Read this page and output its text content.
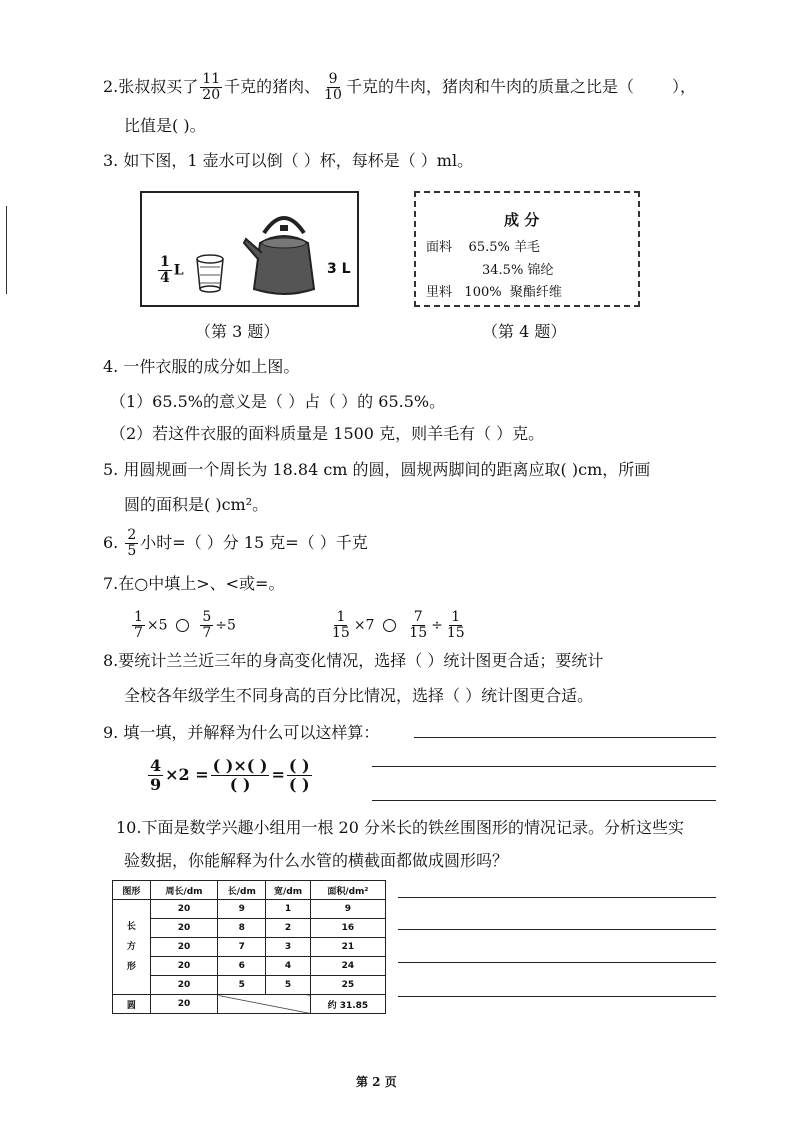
2.张叔叔买了 $\frac{11}{20}$ 千克的猪肉、 $\frac{9}{10}$ 千克的牛肉，猪肉和牛肉的质量之比是（ ），
比值是( )。
3. 如下图，1 壶水可以倒（ ）杯，每杯是（ ）ml。
$\frac{1}{4}$ L	3 L
（第 3 题）
成 分
面料 65.5% 羊毛
34.5% 锦纶
里料 100% 聚酯纤维
（第 4 题）
4. 一件衣服的成分如上图。
（1）65.5%的意义是（ ）占（ ）的 65.5%。
（2）若这件衣服的面料质量是 1500 克，则羊毛有（ ）克。
5. 用圆规画一个周长为 18.84 cm 的圆，圆规两脚间的距离应取( )cm，所画
圆的面积是( )cm²。
6. $\frac{2}{5}$ 小时=（ ）分 15 克=（ ）千克
7.在○中填上>、<或=。
$\frac{1}{7} \times 5 \frac{5}{7} \div 5$	$\frac{1}{15} \times 7 \frac{7}{15} \div \frac{1}{15}$
8.要统计兰兰近三年的身高变化情况，选择（ ）统计图更合适；要统计
全校各年级学生不同身高的百分比情况，选择（ ）统计图更合适。
9. 填一填，并解释为什么可以这样算：
$\frac{4}{9} \times 2 = \frac{( )\times( )}{( )} = \frac{( )}{( )}$
10.下面是数学兴趣小组用一根 20 分米长的铁丝围图形的情况记录。分析这些实
验数据，你能解释为什么水管的横截面都做成圆形吗？
图形	周长/dm	长/dm	宽/dm	面积/dm²
长
方
形	20	9	1	9
	20	8	2	16
	20	7	3	21
	20	6	4	24
	20	5	5	25
圆	20			约 31.85
第 2 页
